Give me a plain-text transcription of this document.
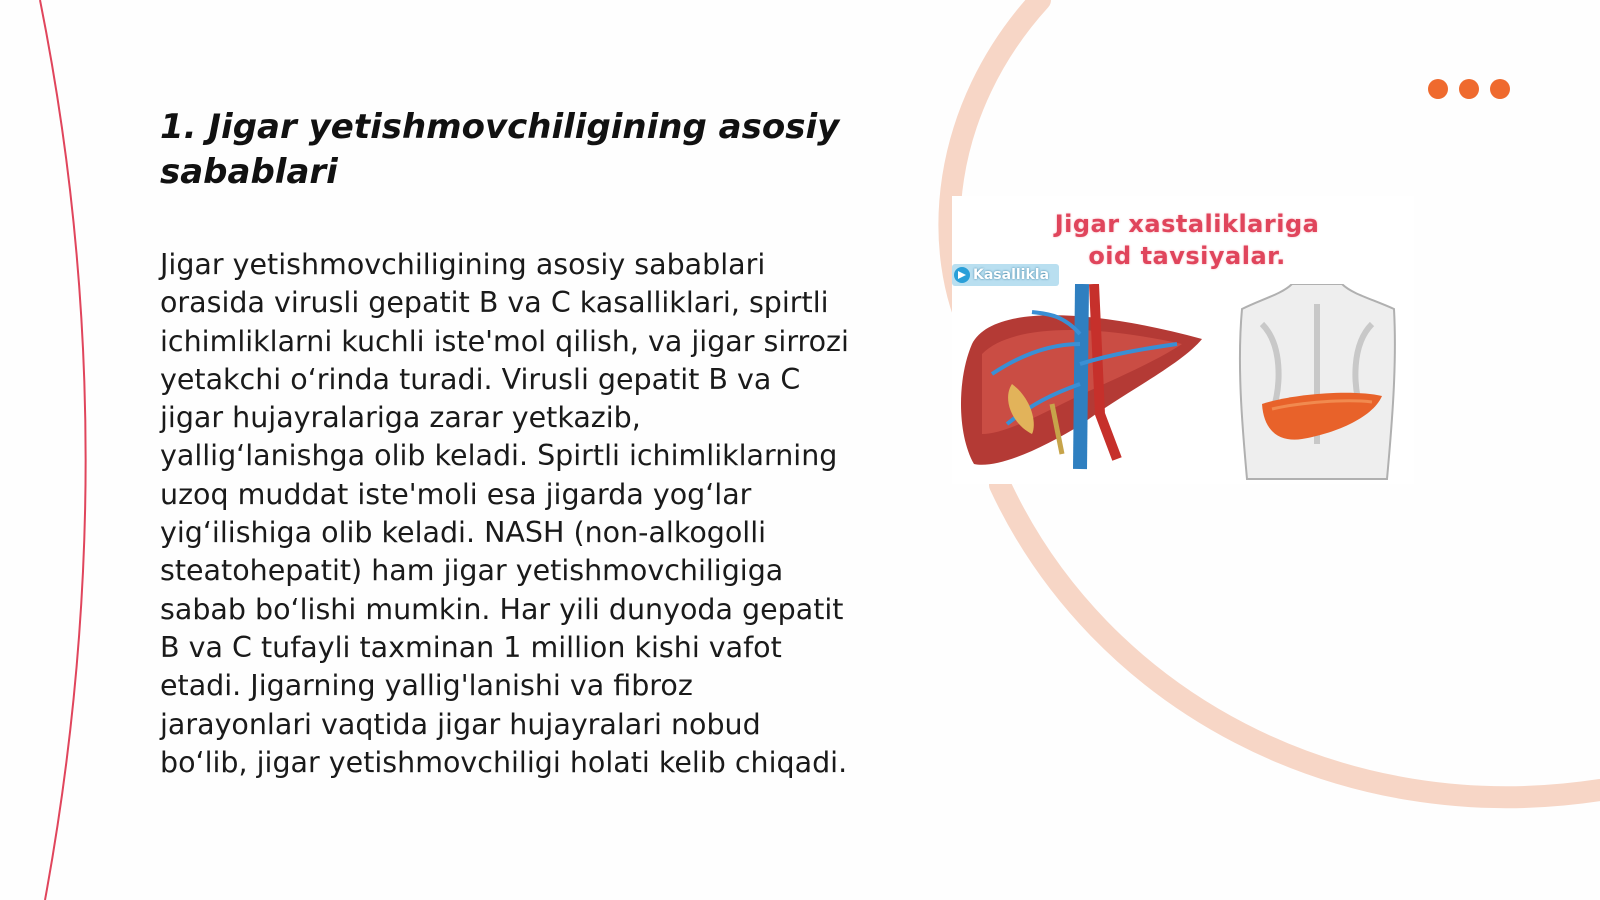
1. Jigar yetishmovchiligining asosiy sabablari

Jigar yetishmovchiligining asosiy sabablari orasida virusli gepatit B va C kasalliklari, spirtli ichimliklarni kuchli iste'mol qilish, va jigar sirrozi yetakchi o‘rinda turadi. Virusli gepatit B va C jigar hujayralariga zarar yetkazib, yallig‘lanishga olib keladi. Spirtli ichimliklarning uzoq muddat iste'moli esa jigarda yog‘lar yig‘ilishiga olib keladi. NASH (non-alkogolli steatohepatit) ham jigar yetishmovchiligiga sabab bo‘lishi mumkin. Har yili dunyoda gepatit B va C tufayli taxminan 1 million kishi vafot etadi. Jigarning yallig'lanishi va fibroz jarayonlari vaqtida jigar hujayralari nobud bo‘lib, jigar yetishmovchiligi holati kelib chiqadi.

Jigar xastaliklariga
oid tavsiyalar.
Kasallikla
